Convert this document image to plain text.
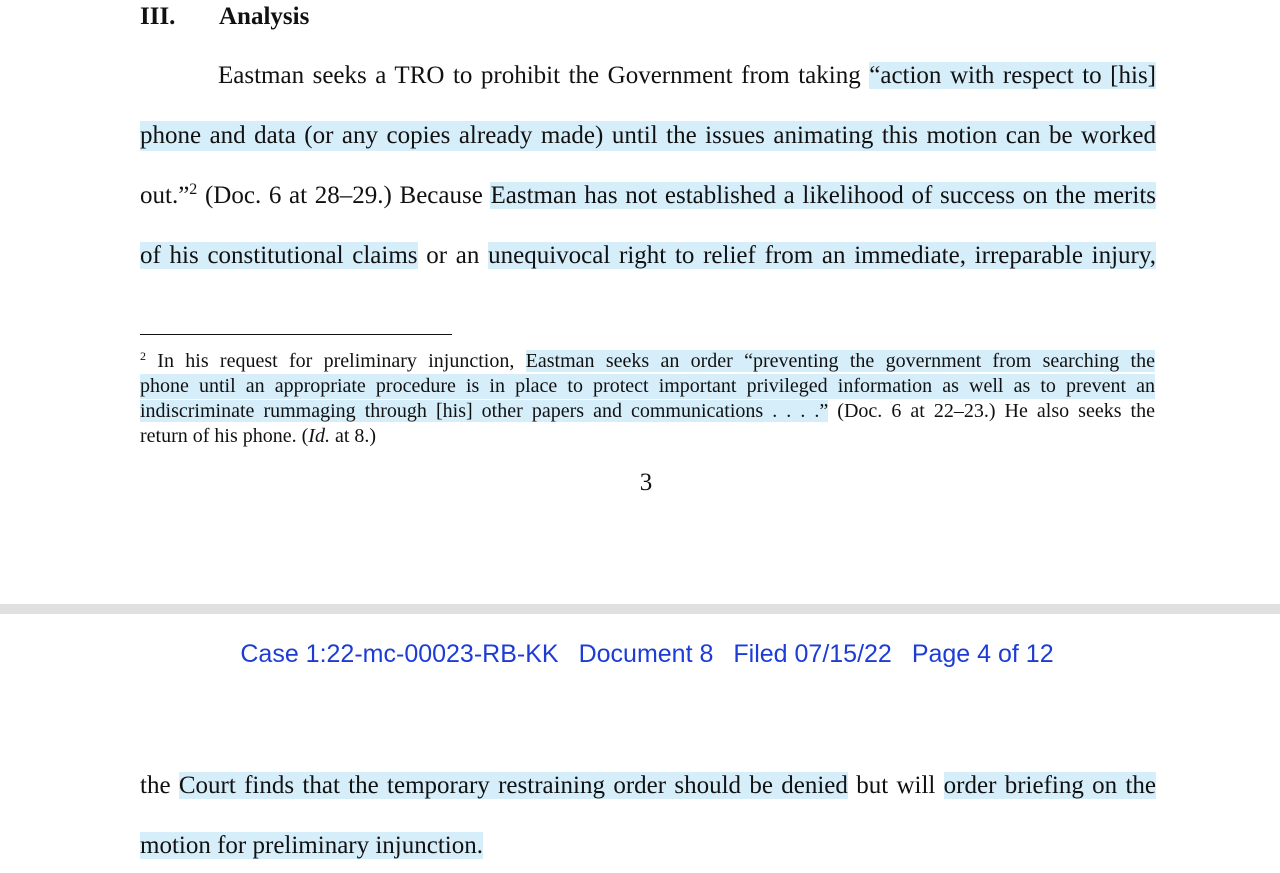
III. Analysis
Eastman seeks a TRO to prohibit the Government from taking “action with respect to [his]
phone and data (or any copies already made) until the issues animating this motion can be worked
out.”$^2$ (Doc. 6 at 28–29.) Because Eastman has not established a likelihood of success on the merits
of his constitutional claims or an unequivocal right to relief from an immediate, irreparable injury,
$^2$ In his request for preliminary injunction, Eastman seeks an order “preventing the government from searching the
phone until an appropriate procedure is in place to protect important privileged information as well as to prevent an
indiscriminate rummaging through [his] other papers and communications . . . .” (Doc. 6 at 22–23.) He also seeks the
return of his phone. (Id. at 8.)
3
Case 1:22-mc-00023-RB-KK Document 8 Filed 07/15/22 Page 4 of 12
the Court finds that the temporary restraining order should be denied but will order briefing on the
motion for preliminary injunction.
